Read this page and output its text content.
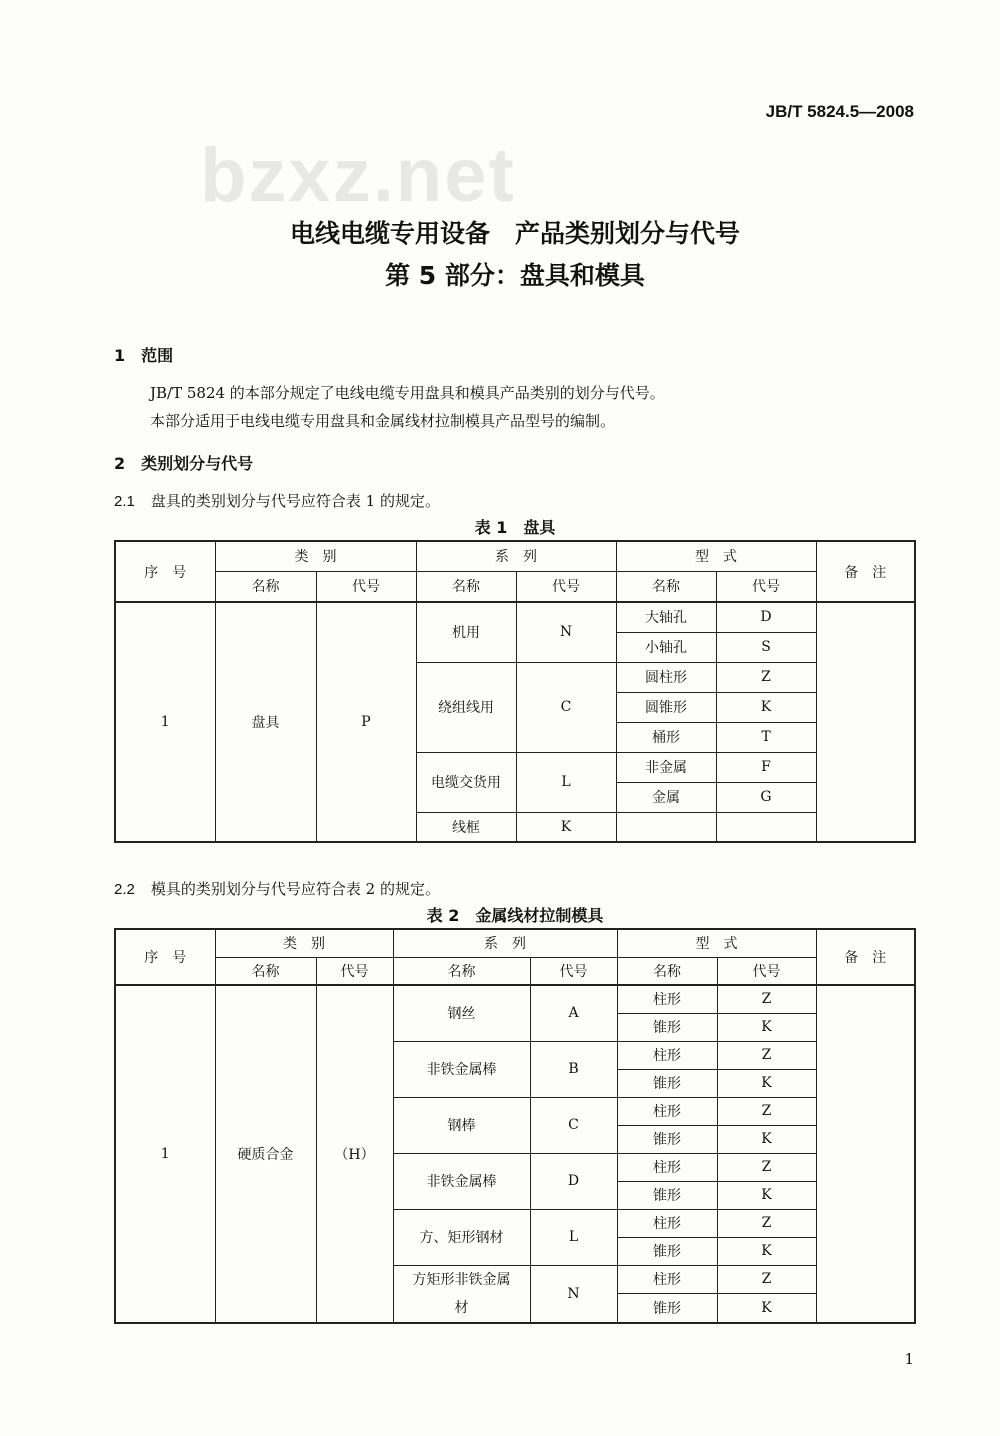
bzxz.net
JB/T 5824.5—2008
电线电缆专用设备　产品类别划分与代号
第 5 部分：盘具和模具
1　范围
JB/T 5824 的本部分规定了电线电缆专用盘具和模具产品类别的划分与代号。
本部分适用于电线电缆专用盘具和金属线材拉制模具产品型号的编制。
2　类别划分与代号
2.1 盘具的类别划分与代号应符合表 1 的规定。
表 1　盘具
序　号	类　别		系　列		型　式		备　注
	名称	代号	名称	代号	名称	代号	
1	盘具	P	机用	N	大轴孔	D	
					小轴孔	S	
			绕组线用	C	圆柱形	Z	
					圆锥形	K	
					桶形	T	
			电缆交货用	L	非金属	F	
					金属	G	
			线框	K			
2.2 模具的类别划分与代号应符合表 2 的规定。
表 2　金属线材拉制模具
序　号	类　别		系　列		型　式		备　注
	名称	代号	名称	代号	名称	代号	
1	硬质合金	（H）	钢丝	A	柱形	Z	
					锥形	K	
			非铁金属棒	B	柱形	Z	
					锥形	K	
			钢棒	C	柱形	Z	
					锥形	K	
			非铁金属棒	D	柱形	Z	
					锥形	K	
			方、矩形钢材	L	柱形	Z	
					锥形	K	
			方矩形非铁金属材	N	柱形	Z	
					锥形	K	
1
